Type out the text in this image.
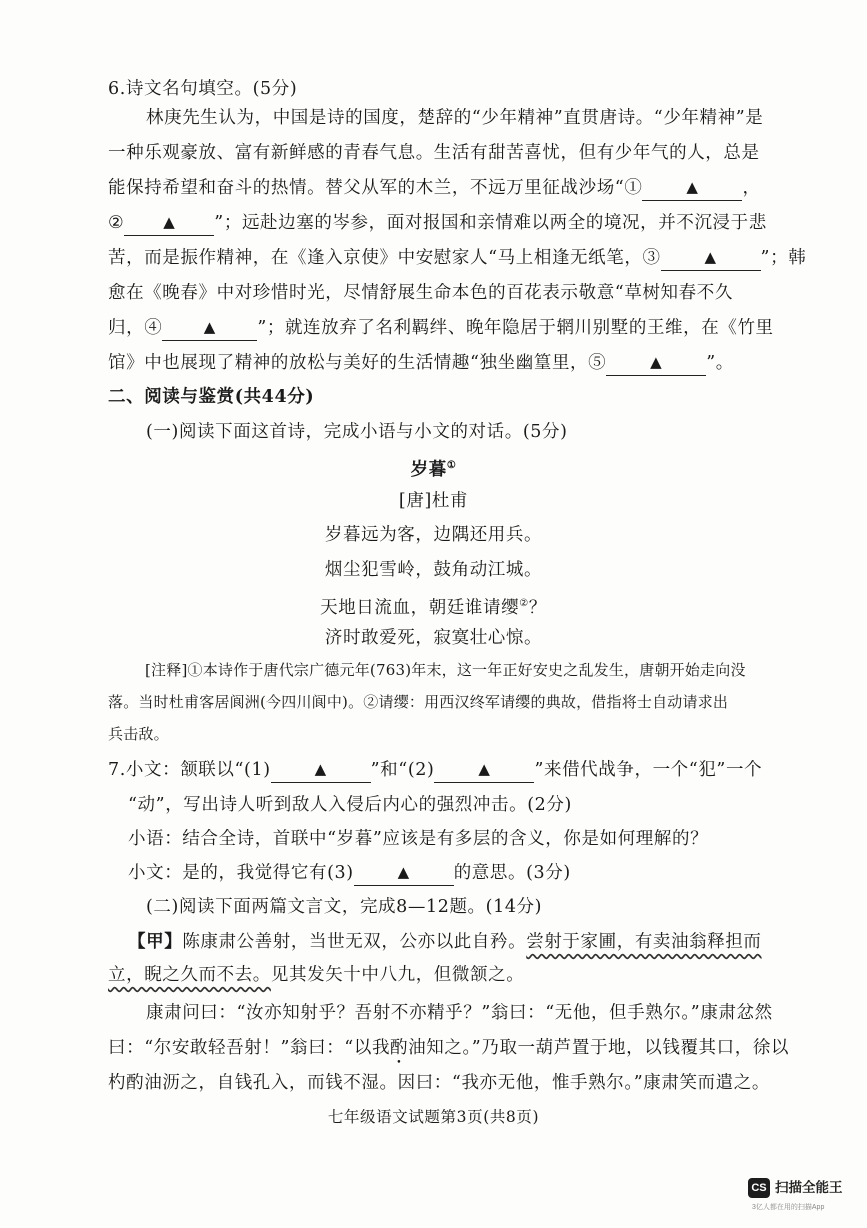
6.诗文名句填空。(5分)
林庚先生认为，中国是诗的国度，楚辞的“少年精神”直贯唐诗。“少年精神”是
一种乐观豪放、富有新鲜感的青春气息。生活有甜苦喜忧，但有少年气的人，总是
能保持希望和奋斗的热情。替父从军的木兰，不远万里征战沙场“①	▲	，
②	▲ ”；远赴边塞的岑参，面对报国和亲情难以两全的境况，并不沉浸于悲
苦，而是振作精神，在《逢入京使》中安慰家人“马上相逢无纸笔，③	▲	”；韩
愈在《晚春》中对珍惜时光，尽情舒展生命本色的百花表示敬意“草树知春不久
归，④	▲ ”；就连放弃了名利羁绊、晚年隐居于辋川别墅的王维，在《竹里
馆》中也展现了精神的放松与美好的生活情趣“独坐幽篁里，⑤	▲	”。
二、阅读与鉴赏(共44分)
(一)阅读下面这首诗，完成小语与小文的对话。(5分)
岁暮①
[唐]杜甫
岁暮远为客，边隅还用兵。
烟尘犯雪岭，鼓角动江城。
天地日流血，朝廷谁请缨②？
济时敢爱死，寂寞壮心惊。
[注释]①本诗作于唐代宗广德元年(763)年末，这一年正好安史之乱发生，唐朝开始走向没
落。当时杜甫客居阆洲(今四川阆中)。②请缨：用西汉终军请缨的典故，借指将士自动请求出
兵击敌。
7.小文：颔联以“(1)	▲	”和“(2)	▲	”来借代战争，一个“犯”一个
“动”，写出诗人听到敌人入侵后内心的强烈冲击。(2分)
小语：结合全诗，首联中“岁暮”应该是有多层的含义，你是如何理解的？
小文：是的，我觉得它有(3)	▲	的意思。(3分)
(二)阅读下面两篇文言文，完成8—12题。(14分)
【甲】陈康肃公善射，当世无双，公亦以此自矜。尝射于家圃，有卖油翁释担而
立，睨之久而不去。见其发矢十中八九，但微颔之。
康肃问曰：“汝亦知射乎？吾射不亦精乎？”翁曰：“无他，但手熟尔。”康肃忿然
曰：“尔安敢轻吾射！”翁曰：“以我酌油知之。”乃取一葫芦置于地，以钱覆其口，徐以
杓酌油沥之，自钱孔入，而钱不湿。因曰：“我亦无他，惟手熟尔。”康肃笑而遣之。
七年级语文试题第3页(共8页)
CS 扫描全能王
3亿人都在用的扫描App
